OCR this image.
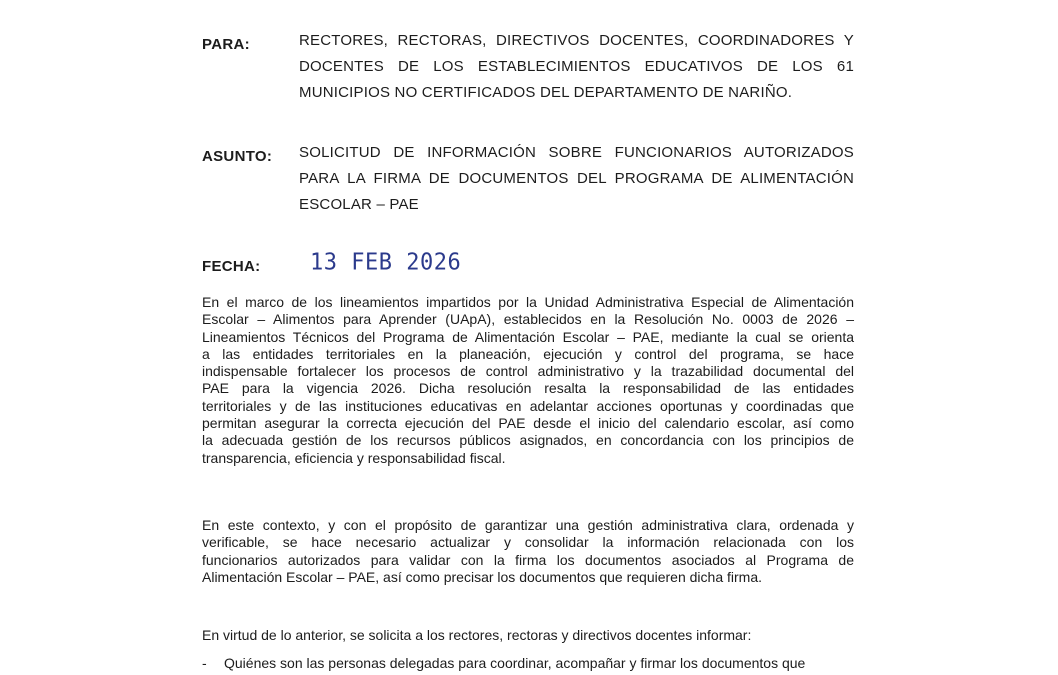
PARA:	RECTORES, RECTORAS, DIRECTIVOS DOCENTES, COORDINADORES Y
DOCENTES DE LOS ESTABLECIMIENTOS EDUCATIVOS DE LOS 61
MUNICIPIOS NO CERTIFICADOS DEL DEPARTAMENTO DE NARIÑO.
ASUNTO: SOLICITUD DE INFORMACIÓN SOBRE FUNCIONARIOS AUTORIZADOS
PARA LA FIRMA DE DOCUMENTOS DEL PROGRAMA DE ALIMENTACIÓN
ESCOLAR – PAE
FECHA: 13 FEB 2026
En el marco de los lineamientos impartidos por la Unidad Administrativa Especial de Alimentación
Escolar – Alimentos para Aprender (UApA), establecidos en la Resolución No. 0003 de 2026 –
Lineamientos Técnicos del Programa de Alimentación Escolar – PAE, mediante la cual se orienta
a las entidades territoriales en la planeación, ejecución y control del programa, se hace
indispensable fortalecer los procesos de control administrativo y la trazabilidad documental del
PAE para la vigencia 2026. Dicha resolución resalta la responsabilidad de las entidades
territoriales y de las instituciones educativas en adelantar acciones oportunas y coordinadas que
permitan asegurar la correcta ejecución del PAE desde el inicio del calendario escolar, así como
la adecuada gestión de los recursos públicos asignados, en concordancia con los principios de
transparencia, eficiencia y responsabilidad fiscal.
En este contexto, y con el propósito de garantizar una gestión administrativa clara, ordenada y
verificable, se hace necesario actualizar y consolidar la información relacionada con los
funcionarios autorizados para validar con la firma los documentos asociados al Programa de
Alimentación Escolar – PAE, así como precisar los documentos que requieren dicha firma.
En virtud de lo anterior, se solicita a los rectores, rectoras y directivos docentes informar:
- Quiénes son las personas delegadas para coordinar, acompañar y firmar los documentos que
